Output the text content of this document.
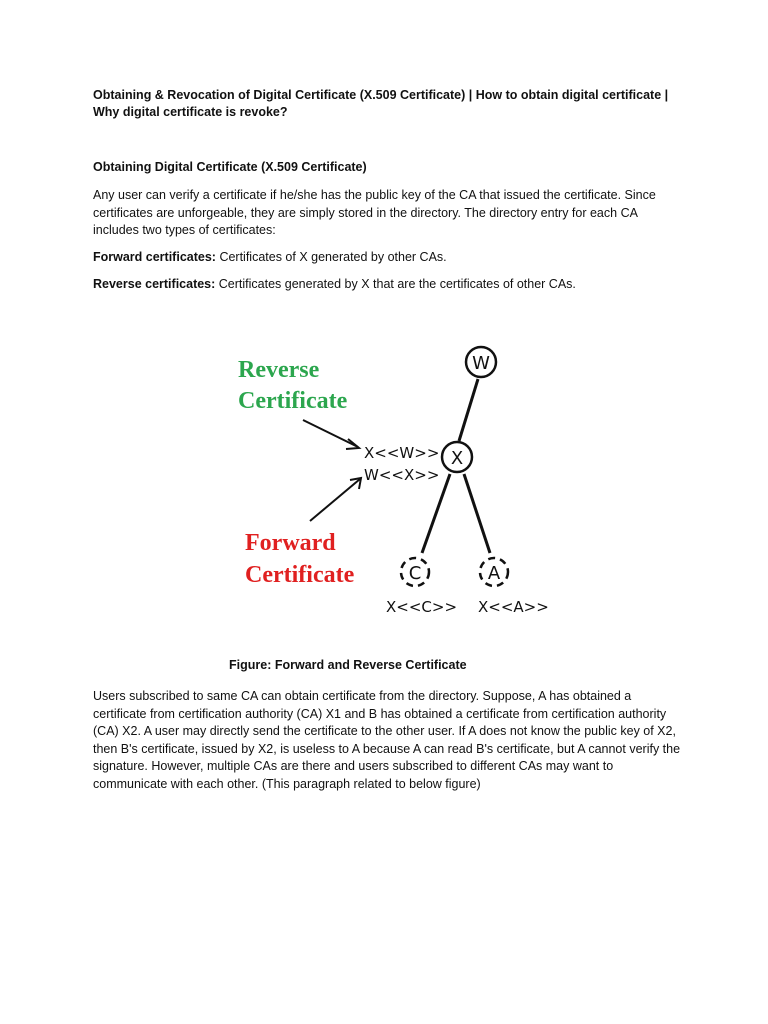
Obtaining & Revocation of Digital Certificate (X.509 Certificate) | How to obtain digital certificate | Why digital certificate is revoke?

Obtaining Digital Certificate (X.509 Certificate)

Any user can verify a certificate if he/she has the public key of the CA that issued the certificate. Since certificates are unforgeable, they are simply stored in the directory. The directory entry for each CA includes two types of certificates:

Forward certificates: Certificates of X generated by other CAs.

Reverse certificates: Certificates generated by X that are the certificates of other CAs.

Reverse
Certificate
Forward
Certificate
W
X
C	A
X<<W>>
W<<X>>
X<<C>> X<<A>>

Figure: Forward and Reverse Certificate

Users subscribed to same CA can obtain certificate from the directory. Suppose, A has obtained a certificate from certification authority (CA) X1 and B has obtained a certificate from certification authority (CA) X2. A user may directly send the certificate to the other user. If A does not know the public key of X2, then B's certificate, issued by X2, is useless to A because A can read B's certificate, but A cannot verify the signature. However, multiple CAs are there and users subscribed to different CAs may want to communicate with each other. (This paragraph related to below figure)
